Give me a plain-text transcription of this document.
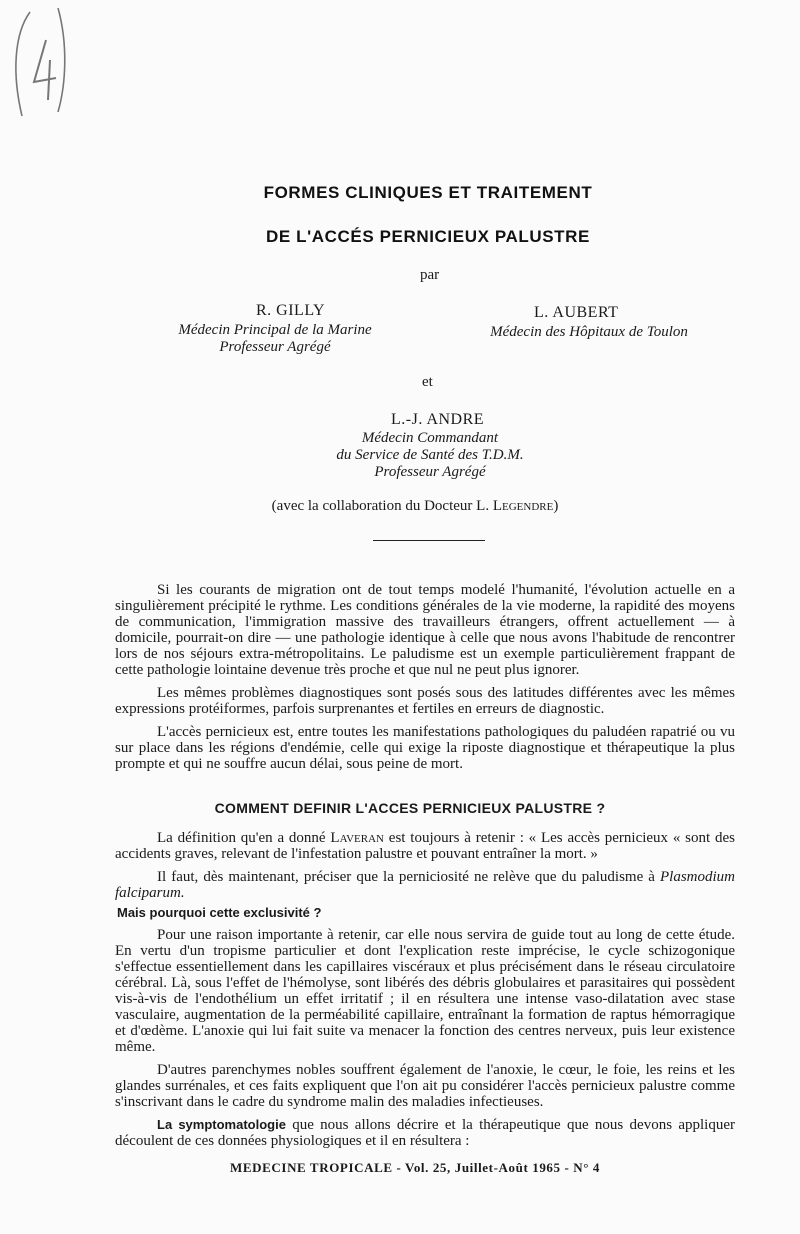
FORMES CLINIQUES ET TRAITEMENT
DE L'ACCÉS PERNICIEUX PALUSTRE
par
R. GILLY
Médecin Principal de la Marine
Professeur Agrégé
L. AUBERT
Médecin des Hôpitaux de Toulon
et
L.-J. ANDRE
Médecin Commandant
du Service de Santé des T.D.M.
Professeur Agrégé
(avec la collaboration du Docteur L. Legendre)

Si les courants de migration ont de tout temps modelé l'humanité, l'évolution actuelle en a singulièrement précipité le rythme. Les conditions générales de la vie moderne, la rapidité des moyens de communication, l'immigration massive des travailleurs étrangers, offrent actuellement — à domicile, pourrait-on dire — une pathologie identique à celle que nous avons l'habitude de rencontrer lors de nos séjours extra-métropolitains. Le paludisme est un exemple particulièrement frappant de cette pathologie lointaine devenue très proche et que nul ne peut plus ignorer.

Les mêmes problèmes diagnostiques sont posés sous des latitudes différentes avec les mêmes expressions protéiformes, parfois surprenantes et fertiles en erreurs de diagnostic.

L'accès pernicieux est, entre toutes les manifestations pathologiques du paludéen rapatrié ou vu sur place dans les régions d'endémie, celle qui exige la riposte diagnostique et thérapeutique la plus prompte et qui ne souffre aucun délai, sous peine de mort.

COMMENT DEFINIR L'ACCES PERNICIEUX PALUSTRE ?

La définition qu'en a donné Laveran est toujours à retenir : « Les accès pernicieux « sont des accidents graves, relevant de l'infestation palustre et pouvant entraîner la mort. »

Il faut, dès maintenant, préciser que la perniciosité ne relève que du paludisme à Plasmodium falciparum.

Mais pourquoi cette exclusivité ?

Pour une raison importante à retenir, car elle nous servira de guide tout au long de cette étude. En vertu d'un tropisme particulier et dont l'explication reste imprécise, le cycle schizogonique s'effectue essentiellement dans les capillaires viscéraux et plus précisément dans le réseau circulatoire cérébral. Là, sous l'effet de l'hémolyse, sont libérés des débris globulaires et parasitaires qui possèdent vis-à-vis de l'endothélium un effet irritatif ; il en résultera une intense vaso-dilatation avec stase vasculaire, augmentation de la perméabilité capillaire, entraînant la formation de raptus hémorragique et d'œdème. L'anoxie qui lui fait suite va menacer la fonction des centres nerveux, puis leur existence même.

D'autres parenchymes nobles souffrent également de l'anoxie, le cœur, le foie, les reins et les glandes surrénales, et ces faits expliquent que l'on ait pu considérer l'accès pernicieux palustre comme s'inscrivant dans le cadre du syndrome malin des maladies infectieuses.

La symptomatologie que nous allons décrire et la thérapeutique que nous devons appliquer découlent de ces données physiologiques et il en résultera :

MEDECINE TROPICALE - Vol. 25, Juillet-Août 1965 - N° 4
